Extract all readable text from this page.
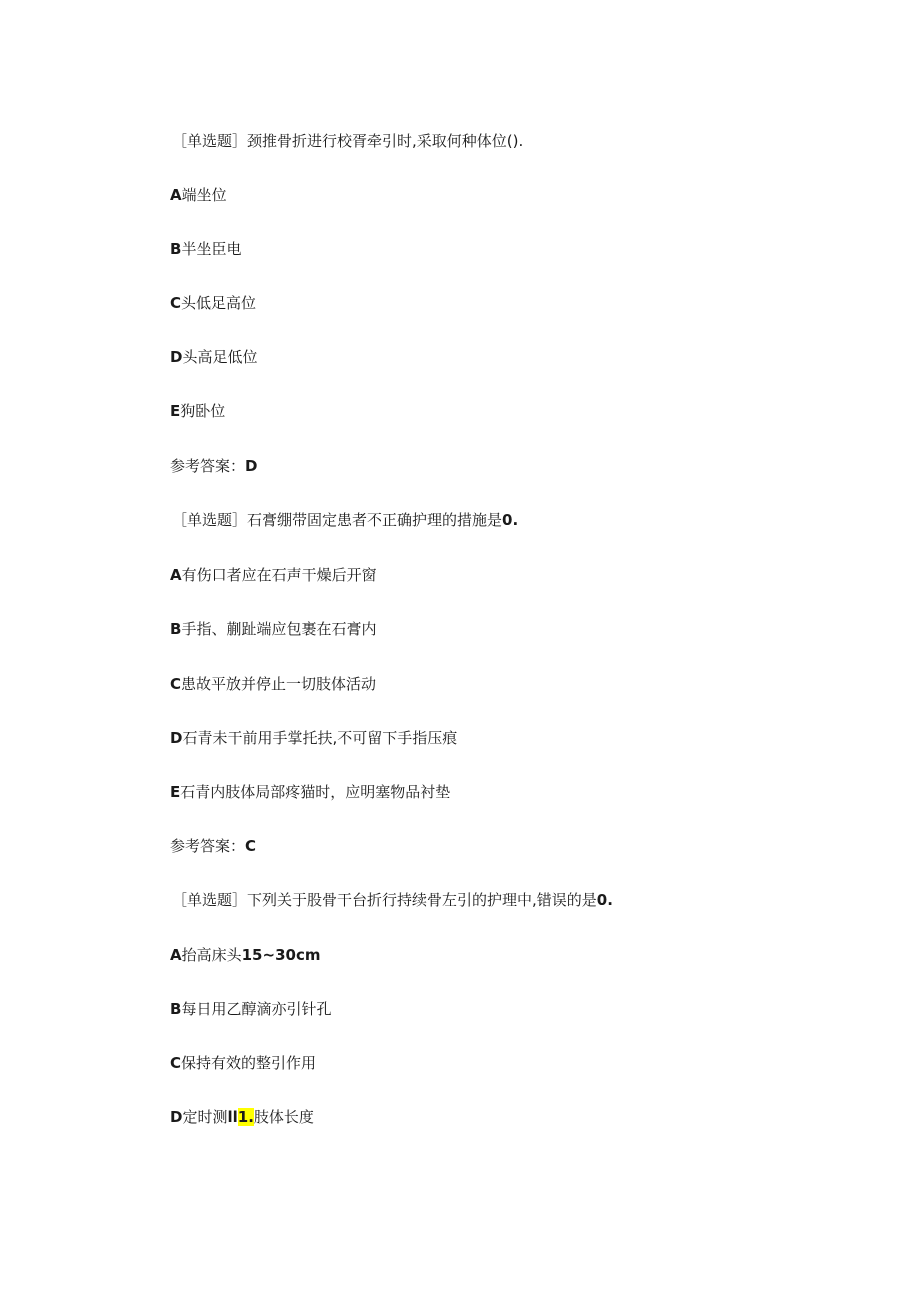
［单选题］颈推骨折进行校胥牵引时,采取何种体位().
A端坐位
B半坐臣电
C头低足高位
D头高足低位
E狗卧位
参考答案：D
［单选题］石膏绷带固定患者不正确护理的措施是0.
A有伤口者应在石声干燥后开窗
B手指、蒯趾端应包裹在石膏内
C患故平放并停止一切肢体活动
D石青未干前用手掌托扶,不可留下手指压痕
E石青内肢体局部疼猫时，应明塞物品衬垫
参考答案：C
［单选题］下列关于股骨干台折行持续骨左引的护理中,错误的是0.
A抬高床头15~30cm
B每日用乙醇滴亦引针孔
C保持有效的整引作用
D定时测ll1.肢体长度
